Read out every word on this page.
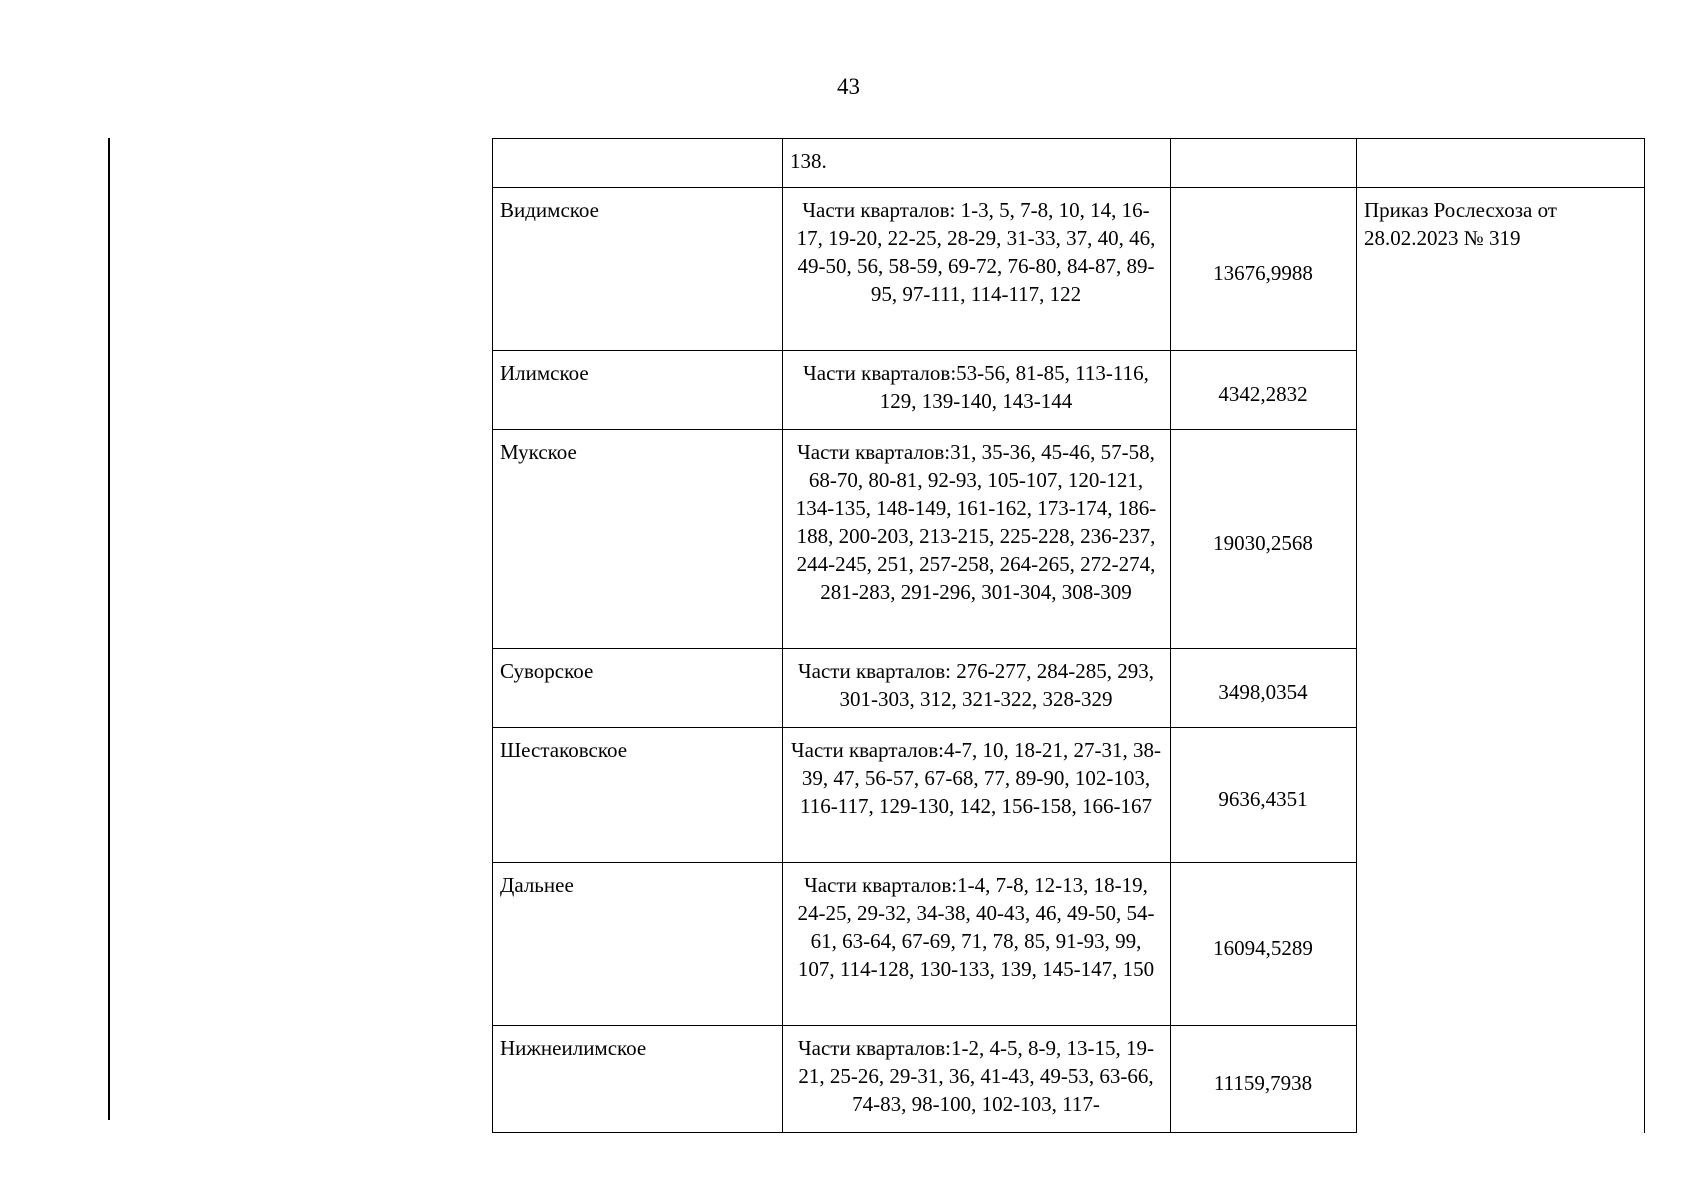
43
	138.		
Видимское	Части кварталов: 1-3, 5, 7-8, 10, 14, 16-17, 19-20, 22-25, 28-29, 31-33, 37, 40, 46, 49-50, 56, 58-59, 69-72, 76-80, 84-87, 89-95, 97-111, 114-117, 122	13676,9988	Приказ Рослесхоза от 28.02.2023 № 319
Илимское	Части кварталов:53-56, 81-85, 113-116, 129, 139-140, 143-144	4342,2832	
Мукское	Части кварталов:31, 35-36, 45-46, 57-58, 68-70, 80-81, 92-93, 105-107, 120-121, 134-135, 148-149, 161-162, 173-174, 186-188, 200-203, 213-215, 225-228, 236-237, 244-245, 251, 257-258, 264-265, 272-274, 281-283, 291-296, 301-304, 308-309	19030,2568	
Суворское	Части кварталов: 276-277, 284-285, 293, 301-303, 312, 321-322, 328-329	3498,0354	
Шестаковское	Части кварталов:4-7, 10, 18-21, 27-31, 38-39, 47, 56-57, 67-68, 77, 89-90, 102-103, 116-117, 129-130, 142, 156-158, 166-167	9636,4351	
Дальнее	Части кварталов:1-4, 7-8, 12-13, 18-19, 24-25, 29-32, 34-38, 40-43, 46, 49-50, 54-61, 63-64, 67-69, 71, 78, 85, 91-93, 99, 107, 114-128, 130-133, 139, 145-147, 150	16094,5289	
Нижнеилимское	Части кварталов:1-2, 4-5, 8-9, 13-15, 19-21, 25-26, 29-31, 36, 41-43, 49-53, 63-66, 74-83, 98-100, 102-103, 117-	11159,7938	
